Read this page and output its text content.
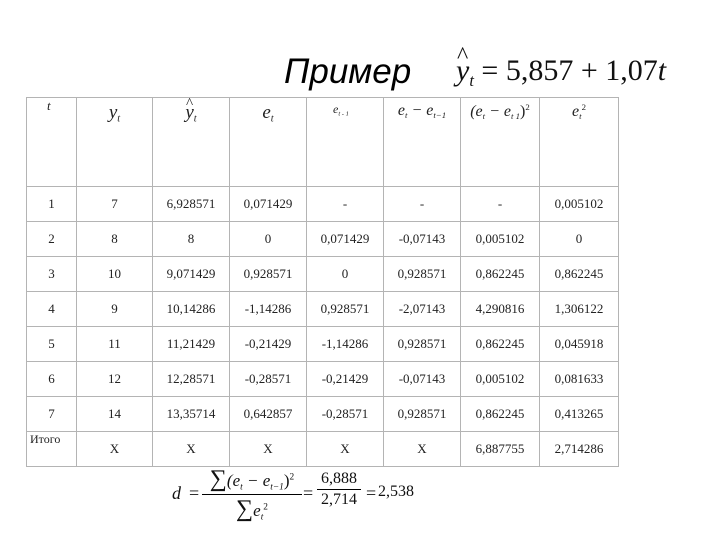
Пример ^ $y_t = 5,857 + 1,07t$
t	$y_t$	^ $y_t$	$e_t$	$e_{t - 1}$	$e_t - e_{t-1}$	$(e_t - e_{t 1})^2$	$e_t^2$
1	7	6,928571	0,071429	-	-	-	0,005102
2	8	8	0	0,071429	-0,07143	0,005102	0
3	10	9,071429	0,928571	0	0,928571	0,862245	0,862245
4	9	10,14286	-1,14286	0,928571	-2,07143	4,290816	1,306122
5	11	11,21429	-0,21429	-1,14286	0,928571	0,862245	0,045918
6	12	12,28571	-0,28571	-0,21429	-0,07143	0,005102	0,081633
7	14	13,35714	0,642857	-0,28571	0,928571	0,862245	0,413265
Итого	X	X	X	X	X	6,887755	2,714286
$d = \frac{\sum(e_t - e_{t-1})^2}{\sum e_t^2} = \frac{6,888}{2,714} = 2,538$
